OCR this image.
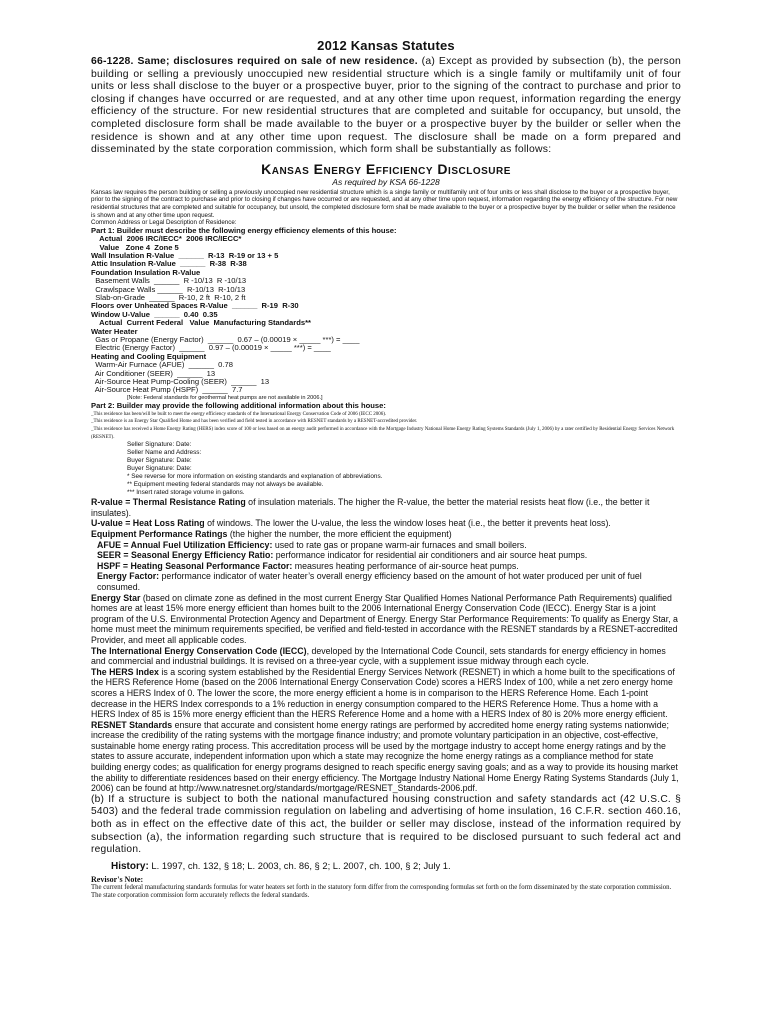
2012 Kansas Statutes

66-1228. Same; disclosures required on sale of new residence. (a) Except as provided by subsection (b), the person building or selling a previously unoccupied new residential structure which is a single family or multifamily unit of four units or less shall disclose to the buyer or a prospective buyer, prior to the signing of the contract to purchase and prior to closing if changes have occurred or are requested, and at any other time upon request, information regarding the energy efficiency of the structure. For new residential structures that are completed and suitable for occupancy, but unsold, the completed disclosure form shall be made available to the buyer or a prospective buyer by the builder or seller when the residence is shown and at any other time upon request. The disclosure shall be made on a form prepared and disseminated by the state corporation commission, which form shall be substantially as follows:

Kansas Energy Efficiency Disclosure
As required by KSA 66-1228

Kansas law requires the person building or selling a previously unoccupied new residential structure which is a single family or multifamily unit of four units or less shall disclose to the buyer or a prospective buyer, prior to the signing of the contract to purchase and prior to closing if changes have occurred or are requested, and at any other time upon request, information regarding the energy efficiency of the structure. For new residential structures that are completed and suitable for occupancy, but unsold, the completed disclosure form shall be made available to the buyer or a prospective buyer by the builder or seller when the residence is shown and at any other time upon request.

Common Address or Legal Description of Residence:

Part 1: Builder must describe the following energy efficiency elements of this house:

Actual  2006 IRC/IECC*  2006 IRC/IECC*

Value   Zone 4  Zone 5

Wall Insulation R-Value  ______  R-13  R-19 or 13 + 5

Attic Insulation R-Value  ______  R-38  R-38

Foundation Insulation R-Value

Basement Walls  ______  R -10/13  R -10/13

Crawlspace Walls ______  R-10/13  R-10/13

Slab-on-Grade  ______  R-10, 2 ft  R-10, 2 ft

Floors over Unheated Spaces R-Value  ______  R-19  R-30

Window U-Value  ______  0.40  0.35

Actual  Current Federal   Value  Manufacturing Standards**

Water Heater

Gas or Propane (Energy Factor)  ______  0.67 – (0.00019 × _____ ***) = ____

Electric (Energy Factor)  ______  0.97 – (0.00019 × _____ ***) = ____

Heating and Cooling Equipment

Warm-Air Furnace (AFUE)  ______  0.78

Air Conditioner (SEER)  ______  13

Air-Source Heat Pump-Cooling (SEER)  ______  13

Air-Source Heat Pump (HSPF)  ______  7.7

[Note: Federal standards for geothermal heat pumps are not available in 2006.]

Part 2: Builder may provide the following additional information about this house:

_This residence has been/will be built to meet the energy efficiency standards of the International Energy Conservation Code of 2006 (IECC 2006).

_This residence is an Energy Star Qualified Home and has been verified and field tested in accordance with RESNET standards by a RESNET-accredited provider.

_This residence has received a Home Energy Rating (HERS) index score of 100 or less based on an energy audit performed in accordance with the Mortgage Industry National Home Energy Rating Systems Standards (July 1, 2006) by a rater certified by Residential Energy Services Network (RESNET).

Seller Signature: Date:

Seller Name and Address:

Buyer Signature: Date:

Buyer Signature: Date:

* See reverse for more information on existing standards and explanation of abbreviations.

** Equipment meeting federal standards may not always be available.

*** Insert rated storage volume in gallons.

R-value = Thermal Resistance Rating of insulation materials. The higher the R-value, the better the material resists heat flow (i.e., the better it insulates).

U-value = Heat Loss Rating of windows. The lower the U-value, the less the window loses heat (i.e., the better it prevents heat loss).

Equipment Performance Ratings (the higher the number, the more efficient the equipment)

AFUE = Annual Fuel Utilization Efficiency: used to rate gas or propane warm-air furnaces and small boilers.

SEER = Seasonal Energy Efficiency Ratio: performance indicator for residential air conditioners and air source heat pumps.

HSPF = Heating Seasonal Performance Factor: measures heating performance of air-source heat pumps.

Energy Factor: performance indicator of water heater’s overall energy efficiency based on the amount of hot water produced per unit of fuel consumed.

Energy Star (based on climate zone as defined in the most current Energy Star Qualified Homes National Performance Path Requirements) qualified homes are at least 15% more energy efficient than homes built to the 2006 International Energy Conservation Code (IECC). Energy Star is a joint program of the U.S. Environmental Protection Agency and Department of Energy. Energy Star Performance Requirements: To qualify as Energy Star, a home must meet the minimum requirements specified, be verified and field-tested in accordance with the RESNET standards by a RESNET-accredited Provider, and meet all applicable codes.

The International Energy Conservation Code (IECC), developed by the International Code Council, sets standards for energy efficiency in homes and commercial and industrial buildings. It is revised on a three-year cycle, with a supplement issue midway through each cycle.

The HERS Index is a scoring system established by the Residential Energy Services Network (RESNET) in which a home built to the specifications of the HERS Reference Home (based on the 2006 International Energy Conservation Code) scores a HERS Index of 100, while a net zero energy home scores a HERS Index of 0. The lower the score, the more energy efficient a home is in comparison to the HERS Reference Home. Each 1-point decrease in the HERS Index corresponds to a 1% reduction in energy consumption compared to the HERS Reference Home. Thus a home with a HERS Index of 85 is 15% more energy efficient than the HERS Reference Home and a home with a HERS Index of 80 is 20% more energy efficient.

RESNET Standards ensure that accurate and consistent home energy ratings are performed by accredited home energy rating systems nationwide; increase the credibility of the rating systems with the mortgage finance industry; and promote voluntary participation in an objective, cost-effective, sustainable home energy rating process. This accreditation process will be used by the mortgage industry to accept home energy ratings and by the states to assure accurate, independent information upon which a state may recognize the home energy ratings as a compliance method for state building energy codes; as qualification for energy programs designed to reach specific energy saving goals; and as a way to provide its housing market the ability to differentiate residences based on their energy efficiency. The Mortgage Industry National Home Energy Rating Systems Standards (July 1, 2006) can be found at http://www.natresnet.org/standards/mortgage/RESNET_Standards-2006.pdf.

(b) If a structure is subject to both the national manufactured housing construction and safety standards act (42 U.S.C. § 5403) and the federal trade commission regulation on labeling and advertising of home insulation, 16 C.F.R. section 460.16, both as in effect on the effective date of this act, the builder or seller may disclose, instead of the information required by subsection (a), the information regarding such structure that is required to be disclosed pursuant to such federal act and regulation.

History: L. 1997, ch. 132, § 18; L. 2003, ch. 86, § 2; L. 2007, ch. 100, § 2; July 1.

Revisor's Note:

The current federal manufacturing standards formulas for water heaters set forth in the statutory form differ from the corresponding formulas set forth on the form disseminated by the state corporation commission. The state corporation commission form accurately reflects the federal standards.
